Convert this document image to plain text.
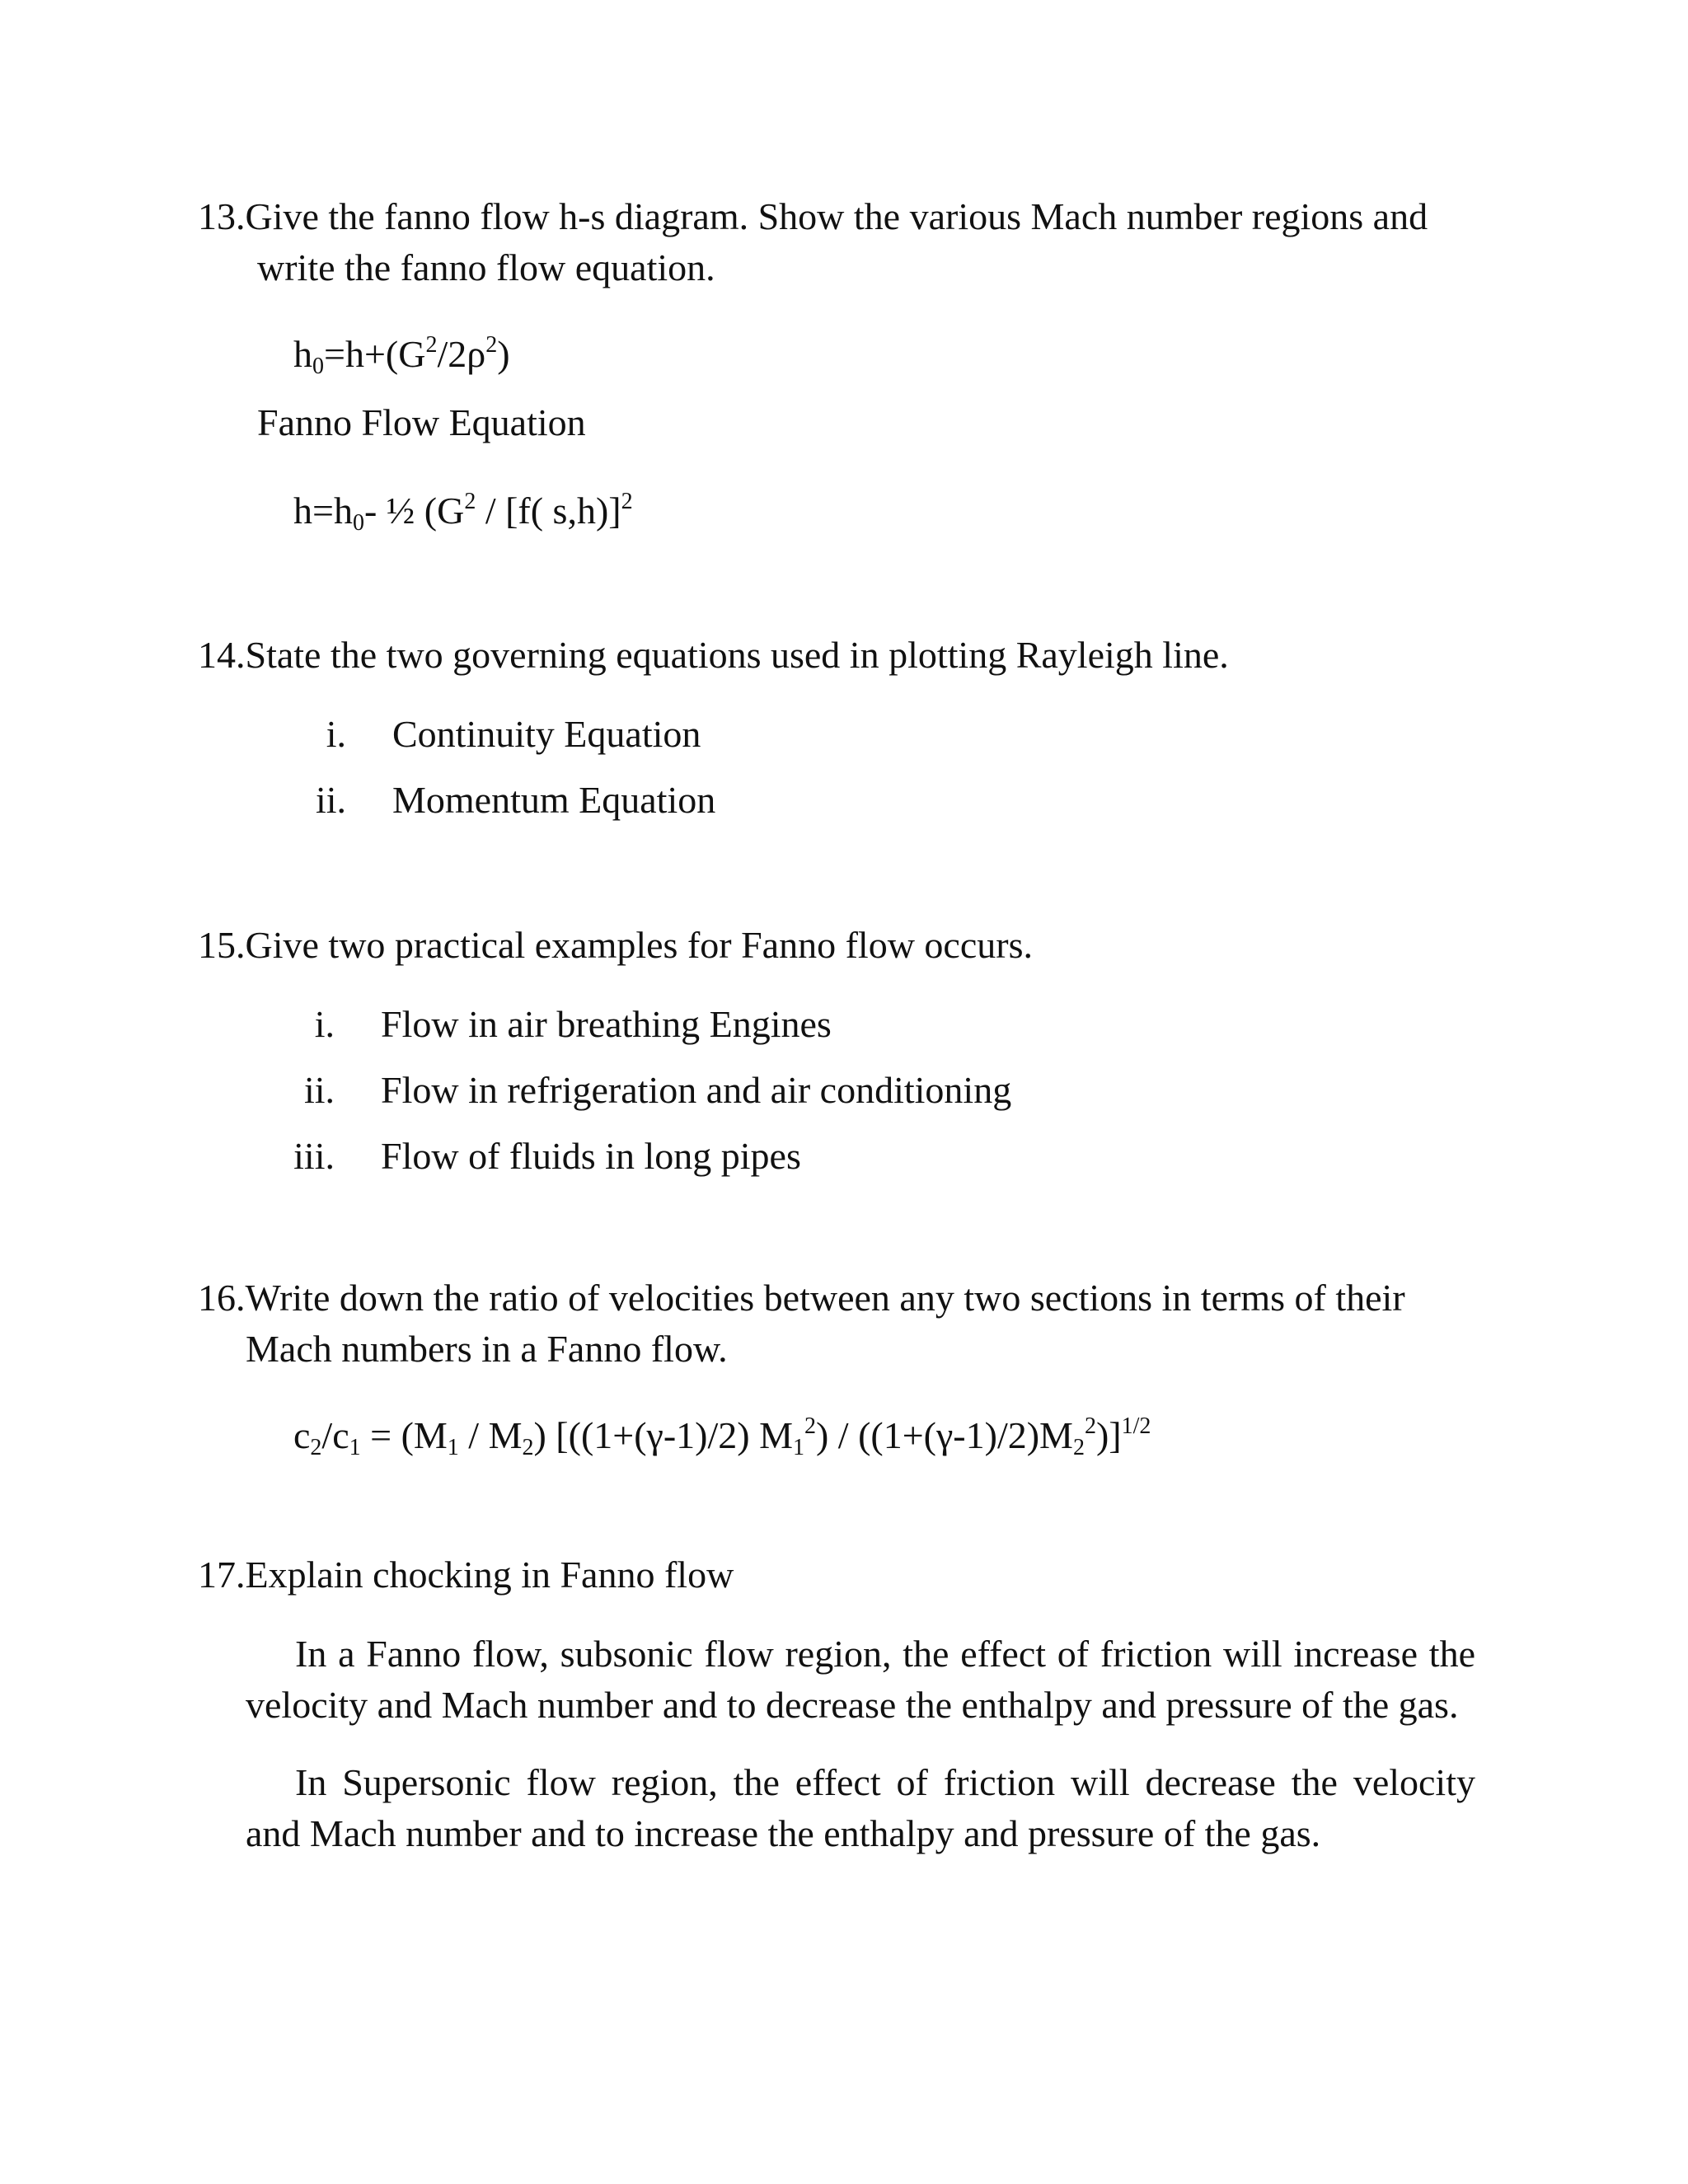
13.Give the fanno flow h-s diagram. Show the various Mach number regions and
write the fanno flow equation.
$h_0=h+(G^2/2\rho^2)$
Fanno Flow Equation
$h=h_0-$ ½ ($G^2 / [f$( s,h)]$^2$
14.State the two governing equations used in plotting Rayleigh line.
i. Continuity Equation
ii. Momentum Equation
15.Give two practical examples for Fanno flow occurs.
i. Flow in air breathing Engines
ii. Flow in refrigeration and air conditioning
iii. Flow of fluids in long pipes
16.Write down the ratio of velocities between any two sections in terms of their
Mach numbers in a Fanno flow.
$c_2/c_1 = (M_1 / M_2)$ [((1+(γ-1)/2) $M_1^2) / ((1+(\gamma-1)/2)M_2^2)]^{1/2}$
17.Explain chocking in Fanno flow
In a Fanno flow, subsonic flow region, the effect of friction will increase the
velocity and Mach number and to decrease the enthalpy and pressure of the gas.
In Supersonic flow region, the effect of friction will decrease the velocity
and Mach number and to increase the enthalpy and pressure of the gas.
